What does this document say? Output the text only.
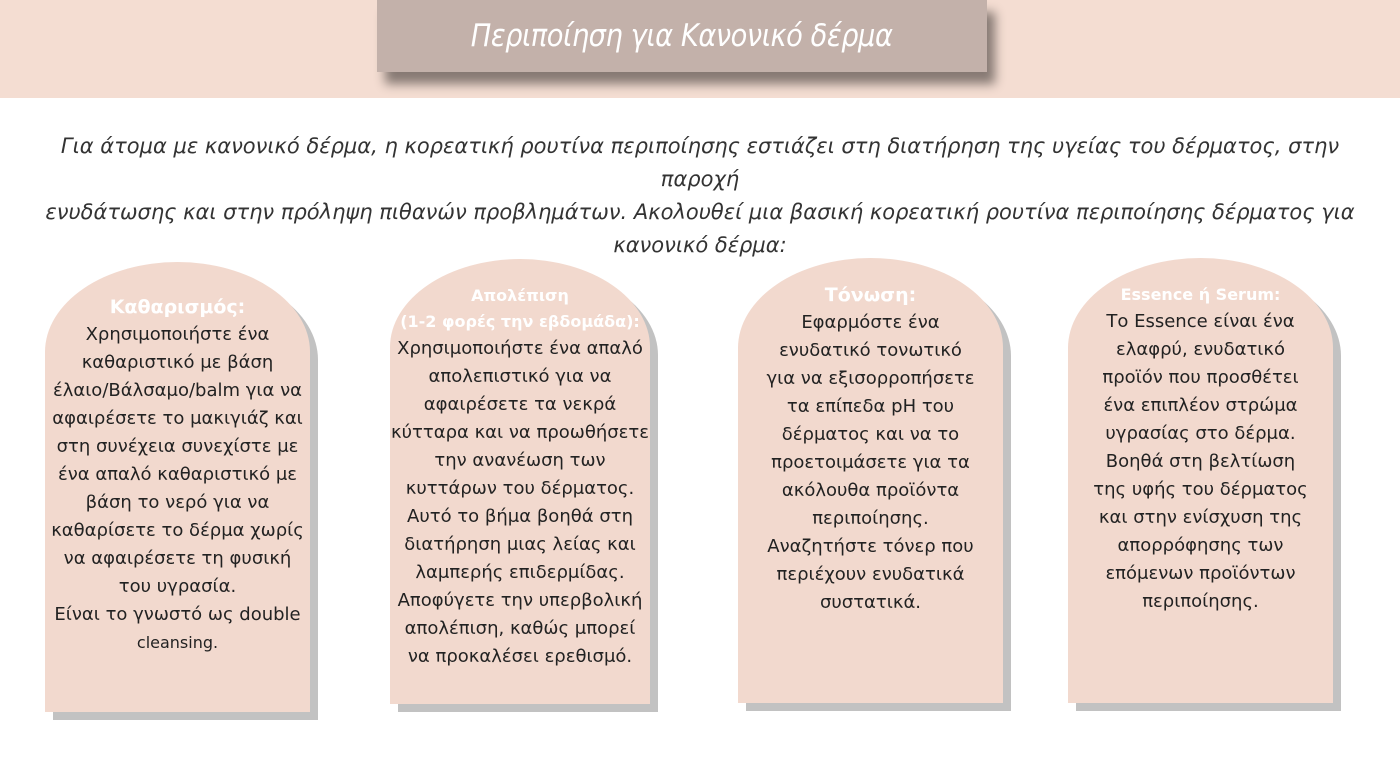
Περιποίηση για Κανονικό δέρμα
Για άτομα με κανονικό δέρμα, η κορεατική ρουτίνα περιποίησης εστιάζει στη διατήρηση της υγείας του δέρματος, στην παροχή
ενυδάτωσης και στην πρόληψη πιθανών προβλημάτων. Ακολουθεί μια βασική κορεατική ρουτίνα περιποίησης δέρματος για
κανονικό δέρμα:
Καθαρισμός:
Χρησιμοποιήστε ένα
καθαριστικό με βάση
έλαιο/Βάλσαμο/balm για να
αφαιρέσετε το μακιγιάζ και
στη συνέχεια συνεχίστε με
ένα απαλό καθαριστικό με
βάση το νερό για να
καθαρίσετε το δέρμα χωρίς
να αφαιρέσετε τη φυσική
του υγρασία.
Είναι το γνωστό ως double
cleansing.
Απολέπιση
(1-2 φορές την εβδομάδα):
Χρησιμοποιήστε ένα απαλό
απολεπιστικό για να
αφαιρέσετε τα νεκρά
κύτταρα και να προωθήσετε
την ανανέωση των
κυττάρων του δέρματος.
Αυτό το βήμα βοηθά στη
διατήρηση μιας λείας και
λαμπερής επιδερμίδας.
Αποφύγετε την υπερβολική
απολέπιση, καθώς μπορεί
να προκαλέσει ερεθισμό.
Τόνωση:
Εφαρμόστε ένα
ενυδατικό τονωτικό
για να εξισορροπήσετε
τα επίπεδα pH του
δέρματος και να το
προετοιμάσετε για τα
ακόλουθα προϊόντα
περιποίησης.
Αναζητήστε τόνερ που
περιέχουν ενυδατικά
συστατικά.
Essence ή Serum:
Το Essence είναι ένα
ελαφρύ, ενυδατικό
προϊόν που προσθέτει
ένα επιπλέον στρώμα
υγρασίας στο δέρμα.
Βοηθά στη βελτίωση
της υφής του δέρματος
και στην ενίσχυση της
απορρόφησης των
επόμενων προϊόντων
περιποίησης.
